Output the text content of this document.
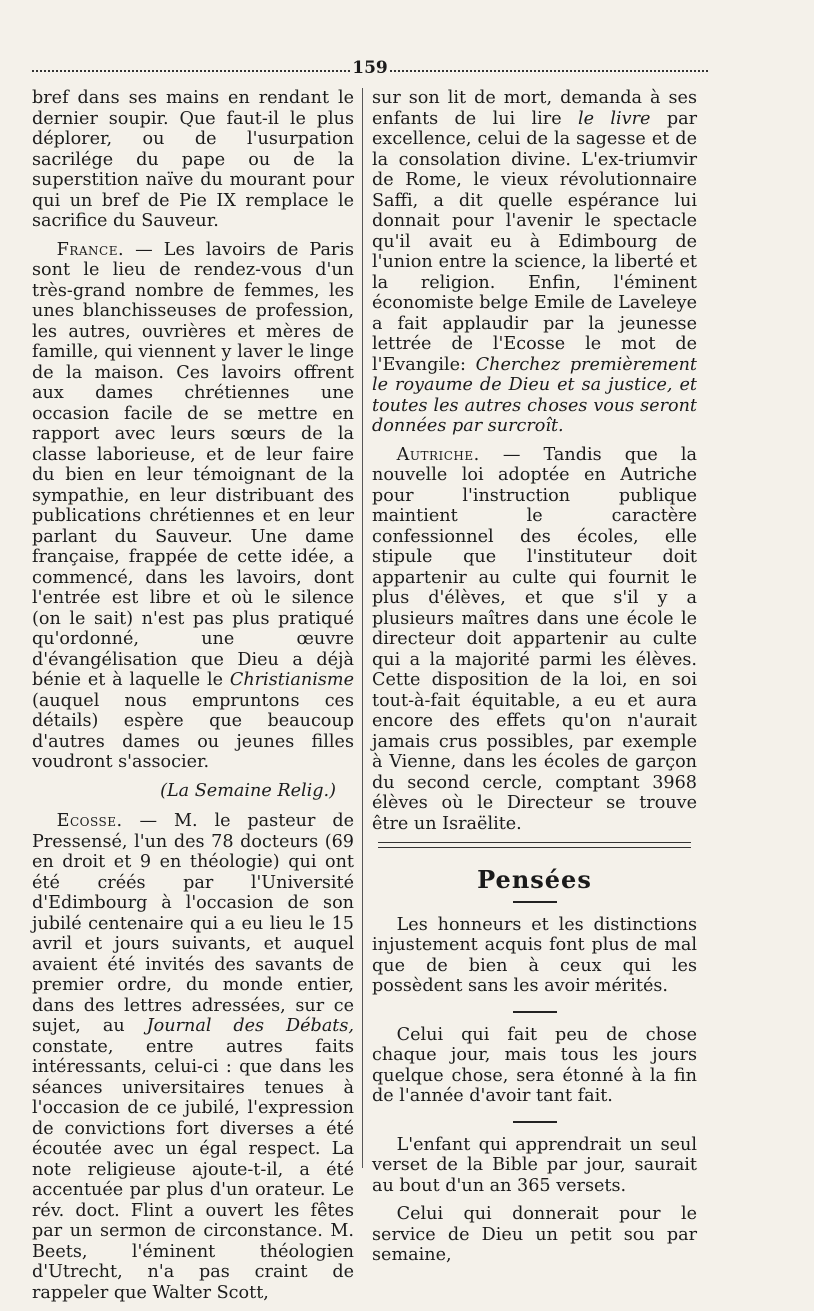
159

bref dans ses mains en rendant le dernier soupir. Que faut-il le plus déplorer, ou de l'usurpation sacrilége du pape ou de la superstition naïve du mourant pour qui un bref de Pie IX remplace le sacrifice du Sauveur.

France. — Les lavoirs de Paris sont le lieu de rendez-vous d'un très-grand nombre de femmes, les unes blanchisseuses de profession, les autres, ouvrières et mères de famille, qui viennent y laver le linge de la maison. Ces lavoirs offrent aux dames chrétiennes une occasion facile de se mettre en rapport avec leurs sœurs de la classe laborieuse, et de leur faire du bien en leur témoignant de la sympathie, en leur distribuant des publications chrétiennes et en leur parlant du Sauveur. Une dame française, frappée de cette idée, a commencé, dans les lavoirs, dont l'entrée est libre et où le silence (on le sait) n'est pas plus pratiqué qu'ordonné, une œuvre d'évangélisation que Dieu a déjà bénie et à laquelle le Christianisme (auquel nous empruntons ces détails) espère que beaucoup d'autres dames ou jeunes filles voudront s'associer.

(La Semaine Relig.)

Ecosse. — M. le pasteur de Pressensé, l'un des 78 docteurs (69 en droit et 9 en théologie) qui ont été créés par l'Université d'Edimbourg à l'occasion de son jubilé centenaire qui a eu lieu le 15 avril et jours suivants, et auquel avaient été invités des savants de premier ordre, du monde entier, dans des lettres adressées, sur ce sujet, au Journal des Débats, constate, entre autres faits intéressants, celui-ci : que dans les séances universitaires tenues à l'occasion de ce jubilé, l'expression de convictions fort diverses a été écoutée avec un égal respect. La note religieuse ajoute-t-il, a été accentuée par plus d'un orateur. Le rév. doct. Flint a ouvert les fêtes par un sermon de circonstance. M. Beets, l'éminent théologien d'Utrecht, n'a pas craint de rappeler que Walter Scott,

sur son lit de mort, demanda à ses enfants de lui lire le livre par excellence, celui de la sagesse et de la consolation divine. L'ex-triumvir de Rome, le vieux révolutionnaire Saffi, a dit quelle espérance lui donnait pour l'avenir le spectacle qu'il avait eu à Edimbourg de l'union entre la science, la liberté et la religion. Enfin, l'éminent économiste belge Emile de Laveleye a fait applaudir par la jeunesse lettrée de l'Ecosse le mot de l'Evangile: Cherchez premièrement le royaume de Dieu et sa justice, et toutes les autres choses vous seront données par surcroît.

Autriche. — Tandis que la nouvelle loi adoptée en Autriche pour l'instruction publique maintient le caractère confessionnel des écoles, elle stipule que l'instituteur doit appartenir au culte qui fournit le plus d'élèves, et que s'il y a plusieurs maîtres dans une école le directeur doit appartenir au culte qui a la majorité parmi les élèves. Cette disposition de la loi, en soi tout-à-fait équitable, a eu et aura encore des effets qu'on n'aurait jamais crus possibles, par exemple à Vienne, dans les écoles de garçon du second cercle, comptant 3968 élèves où le Directeur se trouve être un Israëlite.

Pensées

Les honneurs et les distinctions injustement acquis font plus de mal que de bien à ceux qui les possèdent sans les avoir mérités.

Celui qui fait peu de chose chaque jour, mais tous les jours quelque chose, sera étonné à la fin de l'année d'avoir tant fait.

L'enfant qui apprendrait un seul verset de la Bible par jour, saurait au bout d'un an 365 versets.

Celui qui donnerait pour le service de Dieu un petit sou par semaine,
